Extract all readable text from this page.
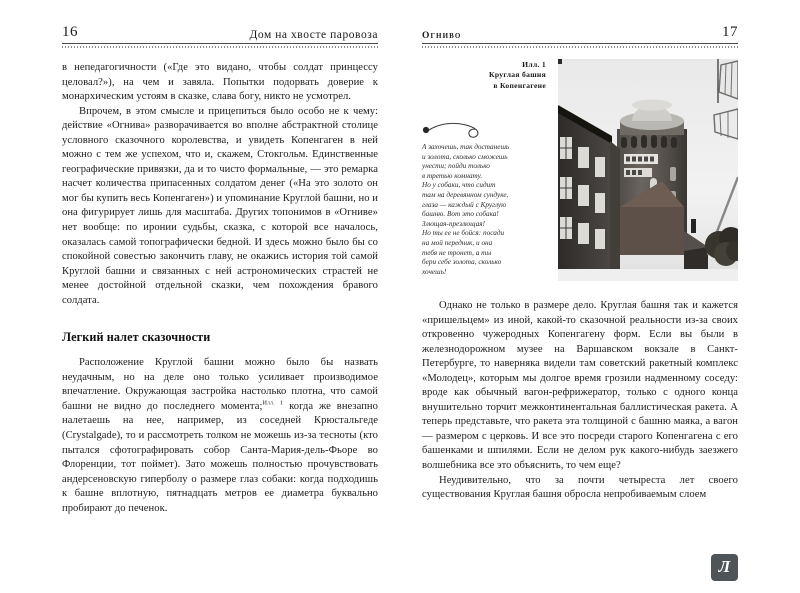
16	Дом на хвосте паровоза

в непедагогичности («Где это видано, чтобы солдат принцессу целовал?»), на чем и завяла. Попытки подорвать доверие к монархическим устоям в сказке, слава богу, никто не усмотрел.

Впрочем, в этом смысле и прицепиться было особо не к чему: действие «Огнива» разворачивается во вполне абстрактной столице условного сказочного королевства, и увидеть Копенгаген в ней можно с тем же успехом, что и, скажем, Стокгольм. Единственные географические привязки, да и то чисто формальные, — это ремарка насчет количества припасенных солдатом денег («На это золото он мог бы купить весь Копенгаген») и упоминание Круглой башни, но и она фигурирует лишь для масштаба. Других топонимов в «Огниве» нет вообще: по иронии судьбы, сказка, с которой все началось, оказалась самой топографически бедной. И здесь можно было бы со спокойной совестью закончить главу, не окажись история той самой Круглой башни и связанных с ней астрономических страстей не менее достойной отдельной сказки, чем похождения бравого солдата.

Легкий налет сказочности

Расположение Круглой башни можно было бы назвать неудачным, но на деле оно только усиливает производимое впечатление. Окружающая застройка настолько плотна, что самой башни не видно до последнего момента;$^{Илл. 1}$ когда же внезапно налетаешь на нее, например, из соседней Крюстальгеде (Crystalgade), то и рассмотреть толком не можешь из-за тесноты (кто пытался сфотографировать собор Санта-Мария-дель-Фьоре во Флоренции, тот поймет). Зато можешь полностью прочувствовать андерсеновскую гиперболу о размере глаз собаки: когда подходишь к башне вплотную, пятнадцать метров ее диаметра буквально пробирают до печенок.

Огниво	17
Илл. 1
Круглая башня
в Копенгагене

А захочешь, так достанешь

и золота, сколько сможешь

унести; пойди только

в третью комнату.

Но у собаки, что сидит

там на деревянном сундуке,

глаза — каждый с Круглую

башню. Вот это собака!

Злющая-презлющая!

Но ты ее не бойся: посади

на мой передник, и она

тебя не тронет, а ты

бери себе золота, сколько

хочешь!

Однако не только в размере дело. Круглая башня так и кажется «пришельцем» из иной, какой-то сказочной реальности из-за своих откровенно чужеродных Копенгагену форм. Если вы были в железнодорожном музее на Варшавском вокзале в Санкт-Петербурге, то наверняка видели там советский ракетный комплекс «Молодец», которым мы долгое время грозили надменному соседу: вроде как обычный вагон-рефрижератор, только с одного конца внушительно торчит межконтинентальная баллистическая ракета. А теперь представьте, что ракета эта толщиной с башню маяка, а вагон — размером с церковь. И все это посреди старого Копенгагена с его башенками и шпилями. Если не делом рук какого-нибудь заезжего волшебника все это объяснить, то чем еще?

Неудивительно, что за почти четыреста лет своего существования Круглая башня обросла непробиваемым слоем

Л
